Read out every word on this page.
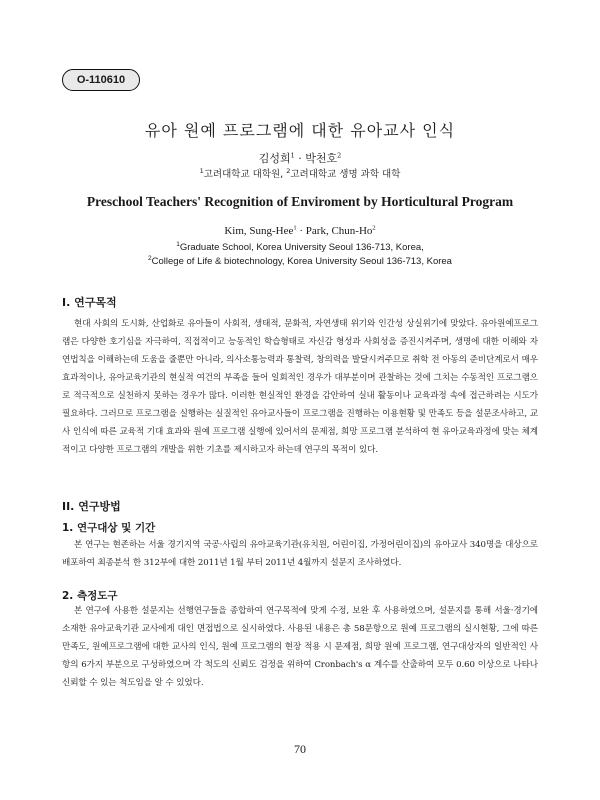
O-110610
유아 원예 프로그램에 대한 유아교사 인식
김성희$^1$ · 박천호$^2$
$^1$고려대학교 대학원, $^2$고려대학교 생명 과학 대학
Preschool Teachers' Recognition of Enviroment by Horticultural Program
Kim, Sung-Hee$^1$ · Park, Chun-Ho$^2$
$^1$Graduate School, Korea University Seoul 136-713, Korea,
$^2$College of Life & biotechnology, Korea University Seoul 136-713, Korea
I. 연구목적

현대 사회의 도시화, 산업화로 유아들이 사회적, 생태적, 문화적, 자연생태 위기와 인간성 상실위기에 맞았다. 유아원예프로그램은 다양한 호기심을 자극하여, 직접적이고 능동적인 학습형태로 자신감 형성과 사회성을 증진시켜주며, 생명에 대한 이해와 자연법칙을 이해하는데 도움을 줄뿐만 아니라, 의사소통능력과 통찰력, 창의력을 발달시켜주므로 취학 전 아동의 준비단계로서 매우 효과적이나, 유아교육기관의 현실적 여건의 부족을 들어 일회적인 경우가 대부분이며 관찰하는 것에 그치는 수동적인 프로그램으로 적극적으로 실천하지 못하는 경우가 많다. 이러한 현실적인 환경을 감안하여 실내 활동이나 교육과정 속에 접근하려는 시도가 필요하다. 그러므로 프로그램을 실행하는 실질적인 유아교사들이 프로그램을 진행하는 이용현황 및 만족도 등을 설문조사하고, 교사 인식에 따른 교육적 기대 효과와 원예 프로그램 실행에 있어서의 문제점, 희망 프로그램 분석하여 현 유아교육과정에 맞는 체계적이고 다양한 프로그램의 개발을 위한 기초를 제시하고자 하는데 연구의 목적이 있다.

II. 연구방법
1. 연구대상 및 기간

본 연구는 현존하는 서울 경기지역 국공·사립의 유아교육기관(유치원, 어린이집, 가정어린이집)의 유아교사 340명을 대상으로 배포하여 최종분석 한 312부에 대한 2011년 1월 부터 2011년 4월까지 설문지 조사하였다.

2. 측정도구

본 연구에 사용한 설문지는 선행연구들을 종합하여 연구목적에 맞게 수정, 보완 후 사용하였으며, 설문지를 통해 서울·경기에 소재한 유아교육기관 교사에게 대인 면접법으로 실시하였다. 사용된 내용은 총 58문항으로 원예 프로그램의 실시현황, 그에 따른 만족도, 원예프로그램에 대한 교사의 인식, 원예 프로그램의 현장 적용 시 문제점, 희망 원예 프로그램, 연구대상자의 일반적인 사항의 6가지 부분으로 구성하였으며 각 척도의 신뢰도 검정을 위하여 Cronbach's α 계수를 산출하여 모두 0.60 이상으로 나타나 신뢰할 수 있는 척도임을 알 수 있었다.

70
